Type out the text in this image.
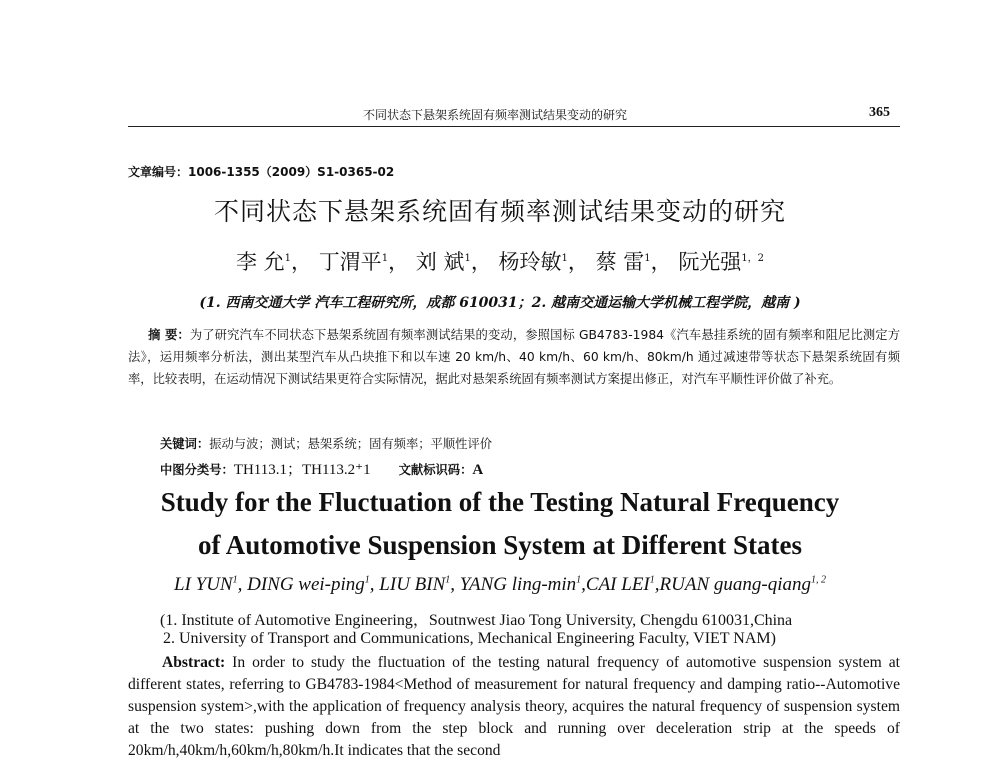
不同状态下悬架系统固有频率测试结果变动的研究	365
文章编号：1006-1355（2009）S1-0365-02
不同状态下悬架系统固有频率测试结果变动的研究
李 允$^1$， 丁渭平$^1$， 刘 斌$^1$， 杨玲敏$^1$， 蔡 雷$^1$， 阮光强$^{1,2}$
(1. 西南交通大学 汽车工程研究所，成都 610031；2. 越南交通运输大学机械工程学院，越南 )
摘 要：为了研究汽车不同状态下悬架系统固有频率测试结果的变动，参照国标 GB4783-1984《汽车悬挂系统的固有频率和阻尼比测定方法》，运用频率分析法，测出某型汽车从凸块推下和以车速 20 km/h、40 km/h、60 km/h、80km/h 通过减速带等状态下悬架系统固有频率，比较表明，在运动情况下测试结果更符合实际情况，据此对悬架系统固有频率测试方案提出修正，对汽车平顺性评价做了补充。
关键词：振动与波；测试；悬架系统；固有频率；平顺性评价
中图分类号：TH113.1；TH113.2⁺1 文献标识码：A
Study for the Fluctuation of the Testing Natural Frequency
of Automotive Suspension System at Different States
LI YUN$^1$, DING wei-ping$^1$, LIU BIN$^1$, YANG ling-$\min^1,CAI$ LEI$^1$,RUAN guang-qiang$^{1, 2}$
(1. Institute of Automotive Engineering，Soutnwest Jiao Tong University, Chengdu 610031,China
2. University of Transport and Communications, Mechanical Engineering Faculty, VIET NAM)
Abstract: In order to study the fluctuation of the testing natural frequency of automotive suspension system at different states, referring to GB4783-1984<Method of measurement for natural frequency and damping ratio--Automotive suspension system>,with the application of frequency analysis theory, acquires the natural frequency of suspension system at the two states: pushing down from the step block and running over deceleration strip at the speeds of 20km/h,40km/h,60km/h,80km/h.It indicates that the second
